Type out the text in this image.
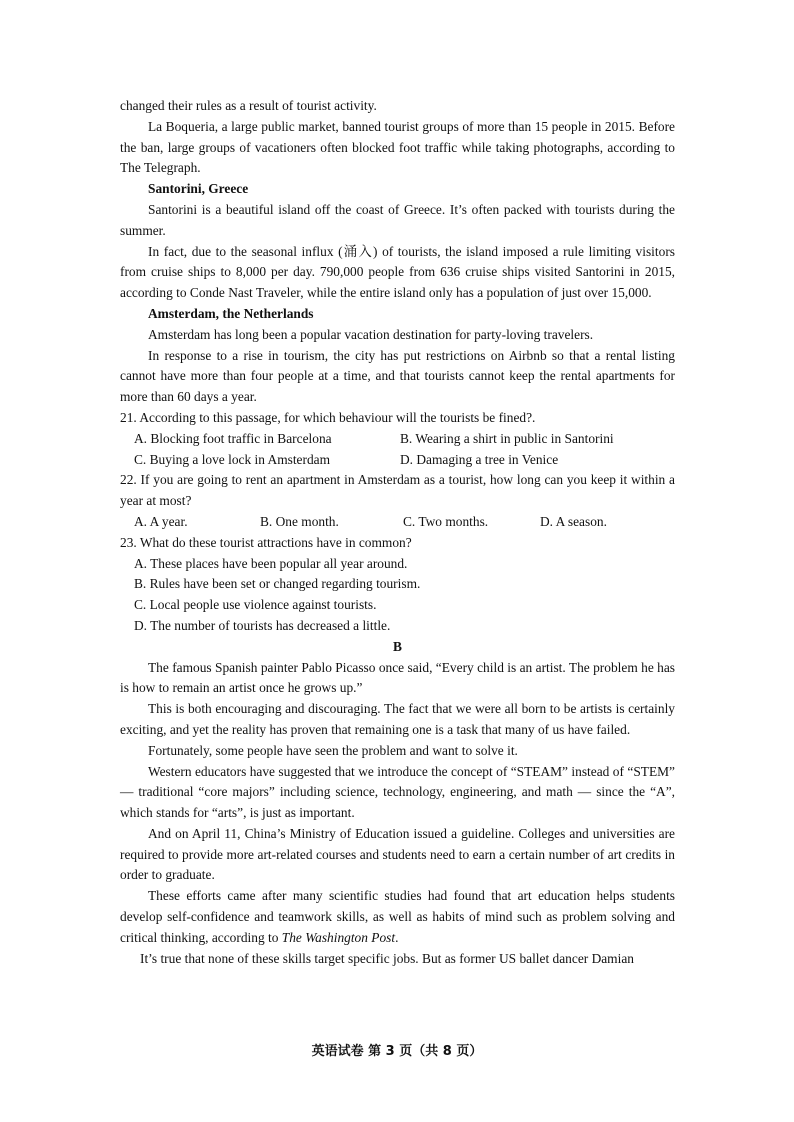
changed their rules as a result of tourist activity.

La Boqueria, a large public market, banned tourist groups of more than 15 people in 2015. Before the ban, large groups of vacationers often blocked foot traffic while taking photographs, according to The Telegraph.

Santorini, Greece

Santorini is a beautiful island off the coast of Greece. It’s often packed with tourists during the summer.

In fact, due to the seasonal influx (涌入) of tourists, the island imposed a rule limiting visitors from cruise ships to 8,000 per day. 790,000 people from 636 cruise ships visited Santorini in 2015, according to Conde Nast Traveler, while the entire island only has a population of just over 15,000.

Amsterdam, the Netherlands

Amsterdam has long been a popular vacation destination for party-loving travelers.

In response to a rise in tourism, the city has put restrictions on Airbnb so that a rental listing cannot have more than four people at a time, and that tourists cannot keep the rental apartments for more than 60 days a year.

21. According to this passage, for which behaviour will the tourists be fined?.

A. Blocking foot traffic in Barcelona	B. Wearing a shirt in public in Santorini
C. Buying a love lock in Amsterdam	D. Damaging a tree in Venice

22. If you are going to rent an apartment in Amsterdam as a tourist, how long can you keep it within a year at most?

A. A year.	B. One month.	C. Two months.	D. A season.

23. What do these tourist attractions have in common?

A. These places have been popular all year around.

B. Rules have been set or changed regarding tourism.

C. Local people use violence against tourists.

D. The number of tourists has decreased a little.

B

The famous Spanish painter Pablo Picasso once said, “Every child is an artist. The problem he has is how to remain an artist once he grows up.”

This is both encouraging and discouraging. The fact that we were all born to be artists is certainly exciting, and yet the reality has proven that remaining one is a task that many of us have failed.

Fortunately, some people have seen the problem and want to solve it.

Western educators have suggested that we introduce the concept of “STEAM” instead of “STEM” — traditional “core majors” including science, technology, engineering, and math — since the “A”, which stands for “arts”, is just as important.

And on April 11, China’s Ministry of Education issued a guideline. Colleges and universities are required to provide more art-related courses and students need to earn a certain number of art credits in order to graduate.

These efforts came after many scientific studies had found that art education helps students develop self-confidence and teamwork skills, as well as habits of mind such as problem solving and critical thinking, according to The Washington Post.

It’s true that none of these skills target specific jobs. But as former US ballet dancer Damian

英语试卷 第 3 页（共 8 页）
